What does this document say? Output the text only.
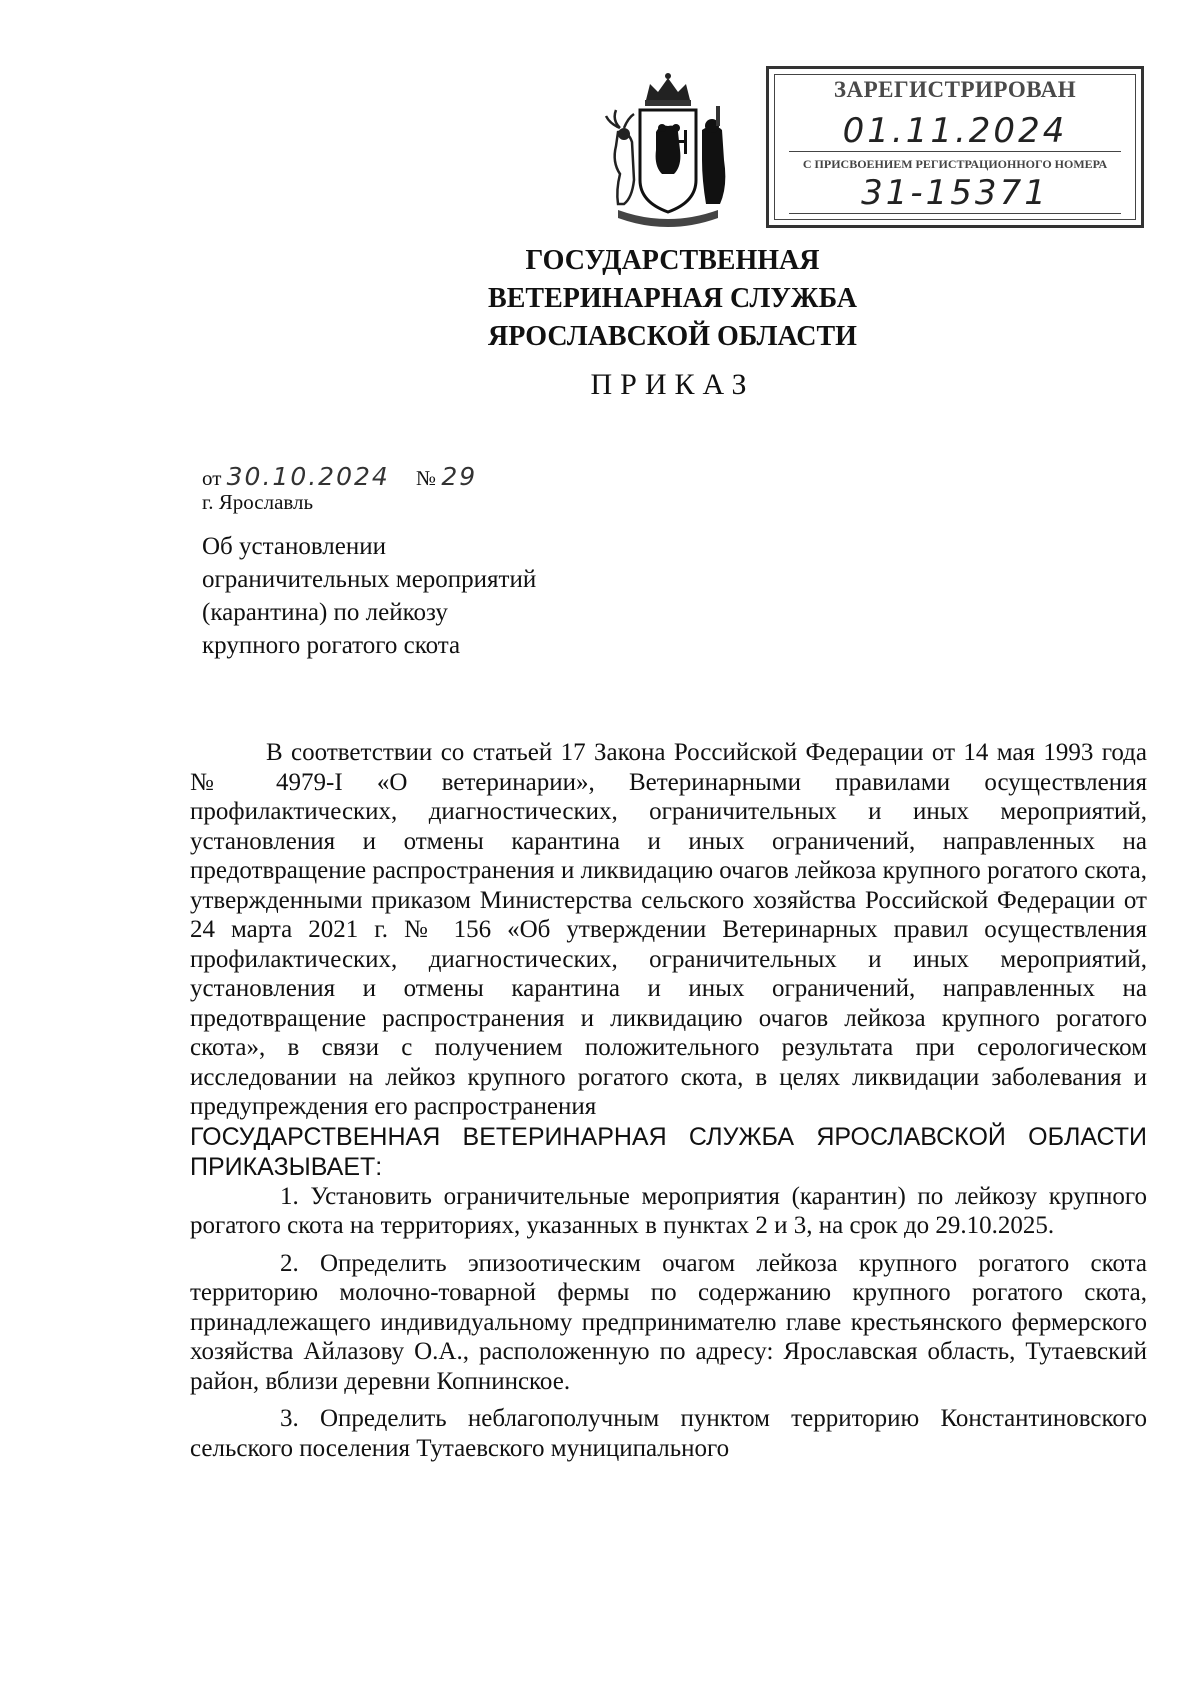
ЗАРЕГИСТРИРОВАН
01.11.2024
С ПРИСВОЕНИЕМ РЕГИСТРАЦИОННОГО НОМЕРА
31-15371
ГОСУДАРСТВЕННАЯ
ВЕТЕРИНАРНАЯ СЛУЖБА
ЯРОСЛАВСКОЙ ОБЛАСТИ
ПРИКАЗ
от 30.10.2024 № 29
г. Ярославль
Об установлении
ограничительных мероприятий
(карантина) по лейкозу
крупного рогатого скота

В соответствии со статьей 17 Закона Российской Федерации от 14 мая 1993 года № 4979-I «О ветеринарии», Ветеринарными правилами осуществления профилактических, диагностических, ограничительных и иных мероприятий, установления и отмены карантина и иных ограничений, направленных на предотвращение распространения и ликвидацию очагов лейкоза крупного рогатого скота, утвержденными приказом Министерства сельского хозяйства Российской Федерации от 24 марта 2021 г. № 156 «Об утверждении Ветеринарных правил осуществления профилактических, диагностических, ограничительных и иных мероприятий, установления и отмены карантина и иных ограничений, направленных на предотвращение распространения и ликвидацию очагов лейкоза крупного рогатого скота», в связи с получением положительного результата при серологическом исследовании на лейкоз крупного рогатого скота, в целях ликвидации заболевания и предупреждения его распространения

ГОСУДАРСТВЕННАЯ ВЕТЕРИНАРНАЯ СЛУЖБА ЯРОСЛАВСКОЙ ОБЛАСТИ ПРИКАЗЫВАЕТ:

1. Установить ограничительные мероприятия (карантин) по лейкозу крупного рогатого скота на территориях, указанных в пунктах 2 и 3, на срок до 29.10.2025.

2. Определить эпизоотическим очагом лейкоза крупного рогатого скота территорию молочно-товарной фермы по содержанию крупного рогатого скота, принадлежащего индивидуальному предпринимателю главе крестьянского фермерского хозяйства Айлазову О.А., расположенную по адресу: Ярославская область, Тутаевский район, вблизи деревни Копнинское.

3. Определить неблагополучным пунктом территорию Константиновского сельского поселения Тутаевского муниципального
